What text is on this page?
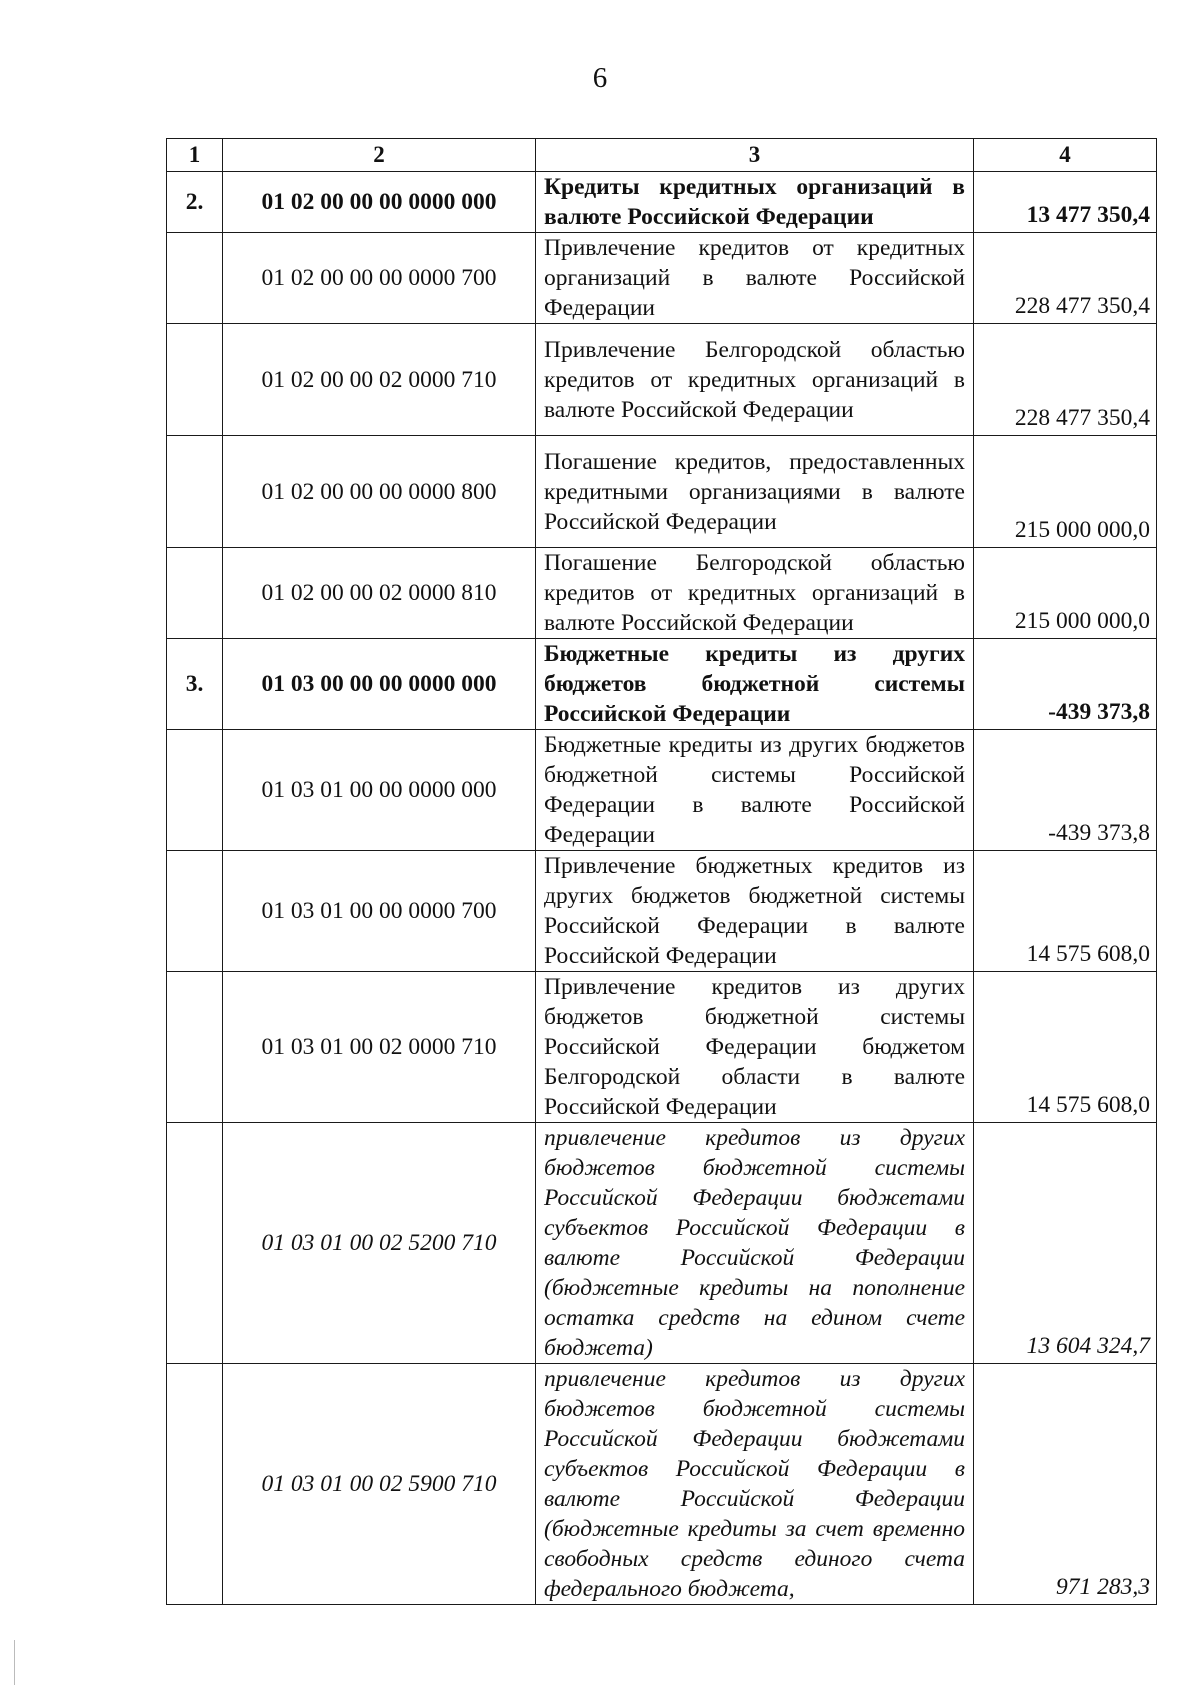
6
1	2	3	4
2.	01 02 00 00 00 0000 000	Кредиты кредитных организаций в валюте Российской Федерации	13 477 350,4
	01 02 00 00 00 0000 700	Привлечение кредитов от кредитных организаций в валюте Российской Федерации	228 477 350,4
	01 02 00 00 02 0000 710	Привлечение Белгородской областью кредитов от кредитных организаций в валюте Российской Федерации	228 477 350,4
	01 02 00 00 00 0000 800	Погашение кредитов, предоставленных кредитными организациями в валюте Российской Федерации	215 000 000,0
	01 02 00 00 02 0000 810	Погашение Белгородской областью кредитов от кредитных организаций в валюте Российской Федерации	215 000 000,0
3.	01 03 00 00 00 0000 000	Бюджетные кредиты из других бюджетов бюджетной системы Российской Федерации	-439 373,8
	01 03 01 00 00 0000 000	Бюджетные кредиты из других бюджетов бюджетной системы Российской Федерации в валюте Российской Федерации	-439 373,8
	01 03 01 00 00 0000 700	Привлечение бюджетных кредитов из других бюджетов бюджетной системы Российской Федерации в валюте Российской Федерации	14 575 608,0
	01 03 01 00 02 0000 710	Привлечение кредитов из других бюджетов бюджетной системы Российской Федерации бюджетом Белгородской области в валюте Российской Федерации	14 575 608,0
	01 03 01 00 02 5200 710	привлечение кредитов из других бюджетов бюджетной системы Российской Федерации бюджетами субъектов Российской Федерации в валюте Российской Федерации (бюджетные кредиты на пополнение остатка средств на едином счете бюджета)	13 604 324,7
	01 03 01 00 02 5900 710	привлечение кредитов из других бюджетов бюджетной системы Российской Федерации бюджетами субъектов Российской Федерации в валюте Российской Федерации (бюджетные кредиты за счет временно свободных средств единого счета федерального бюджета,	971 283,3
